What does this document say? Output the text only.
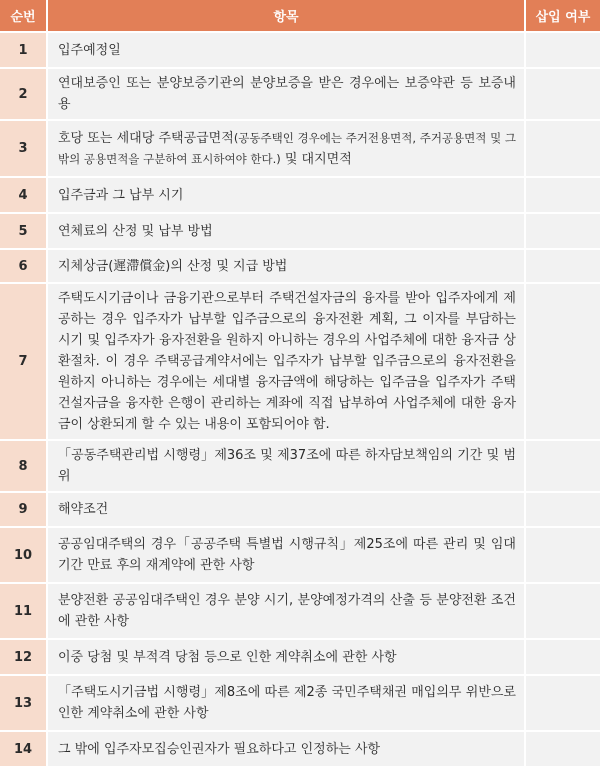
순번	항목	삽입 여부
1	입주예정일	
2	연대보증인 또는 분양보증기관의 분양보증을 받은 경우에는 보증약관 등 보증내용	
3	호당 또는 세대당 주택공급면적(공동주택인 경우에는 주거전용면적, 주거공용면적 및 그 밖의 공용면적을 구분하여 표시하여야 한다.) 및 대지면적	
4	입주금과 그 납부 시기	
5	연체료의 산정 및 납부 방법	
6	지체상금(遲滯償金)의 산정 및 지급 방법	
7	주택도시기금이나 금융기관으로부터 주택건설자금의 융자를 받아 입주자에게 제공하는 경우 입주자가 납부할 입주금으로의 융자전환 계획, 그 이자를 부담하는 시기 및 입주자가 융자전환을 원하지 아니하는 경우의 사업주체에 대한 융자금 상환절차. 이 경우 주택공급계약서에는 입주자가 납부할 입주금으로의 융자전환을 원하지 아니하는 경우에는 세대별 융자금액에 해당하는 입주금을 입주자가 주택건설자금을 융자한 은행이 관리하는 계좌에 직접 납부하여 사업주체에 대한 융자금이 상환되게 할 수 있는 내용이 포함되어야 함.	
8	「공동주택관리법 시행령」제36조 및 제37조에 따른 하자담보책임의 기간 및 범위	
9	해약조건	
10	공공임대주택의 경우「공공주택 특별법 시행규칙」제25조에 따른 관리 및 임대기간 만료 후의 재계약에 관한 사항	
11	분양전환 공공임대주택인 경우 분양 시기, 분양예정가격의 산출 등 분양전환 조건에 관한 사항	
12	이중 당첨 및 부적격 당첨 등으로 인한 계약취소에 관한 사항	
13	「주택도시기금법 시행령」제8조에 따른 제2종 국민주택채권 매입의무 위반으로 인한 계약취소에 관한 사항	
14	그 밖에 입주자모집승인권자가 필요하다고 인정하는 사항	
